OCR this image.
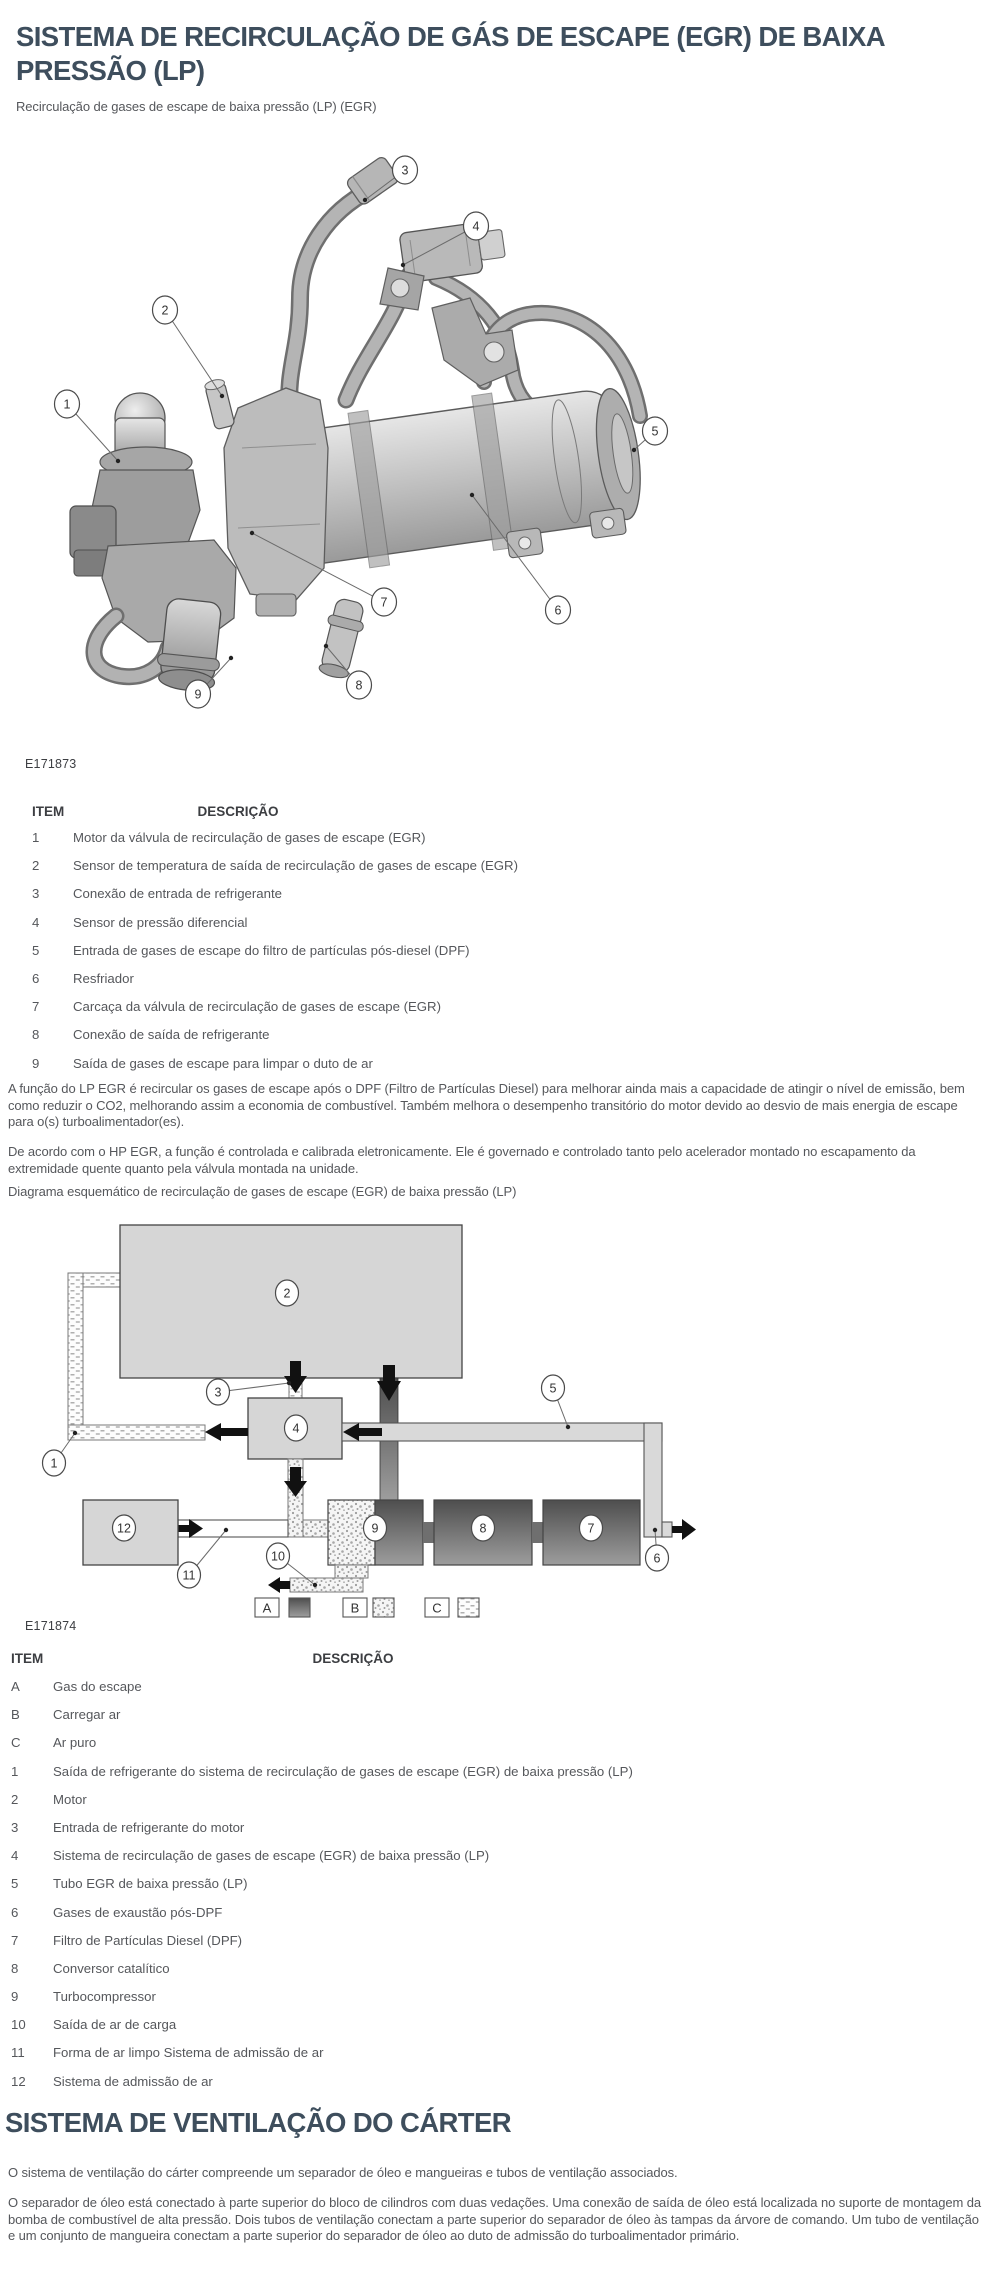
SISTEMA DE RECIRCULAÇÃO DE GÁS DE ESCAPE (EGR) DE BAIXA PRESSÃO (LP)
Recirculação de gases de escape de baixa pressão (LP) (EGR)
1
2
3
4
5
6
7
8
9
E171873
ITEM	DESCRIÇÃO
1	Motor da válvula de recirculação de gases de escape (EGR)
2	Sensor de temperatura de saída de recirculação de gases de escape (EGR)
3	Conexão de entrada de refrigerante
4	Sensor de pressão diferencial
5	Entrada de gases de escape do filtro de partículas pós-diesel (DPF)
6	Resfriador
7	Carcaça da válvula de recirculação de gases de escape (EGR)
8	Conexão de saída de refrigerante
9	Saída de gases de escape para limpar o duto de ar
A função do LP EGR é recircular os gases de escape após o DPF (Filtro de Partículas Diesel) para melhorar ainda mais a capacidade de atingir o nível de emissão, bem como reduzir o CO2, melhorando assim a economia de combustível. Também melhora o desempenho transitório do motor devido ao desvio de mais energia de escape para o(s) turboalimentador(es).
De acordo com o HP EGR, a função é controlada e calibrada eletronicamente. Ele é governado e controlado tanto pelo acelerador montado no escapamento da extremidade quente quanto pela válvula montada na unidade.
Diagrama esquemático de recirculação de gases de escape (EGR) de baixa pressão (LP)
1
2
3
4
5
6
7
8
9
10
11
12
A	B	C
E171874
ITEM	DESCRIÇÃO
A	Gas do escape
B	Carregar ar
C Ar puro
1	Saída de refrigerante do sistema de recirculação de gases de escape (EGR) de baixa pressão (LP)
2	Motor
3	Entrada de refrigerante do motor
4	Sistema de recirculação de gases de escape (EGR) de baixa pressão (LP)
5	Tubo EGR de baixa pressão (LP)
6	Gases de exaustão pós-DPF
7	Filtro de Partículas Diesel (DPF)
8	Conversor catalítico
9	Turbocompressor
10 Saída de ar de carga
11 Forma de ar limpo Sistema de admissão de ar
12 Sistema de admissão de ar
SISTEMA DE VENTILAÇÃO DO CÁRTER
O sistema de ventilação do cárter compreende um separador de óleo e mangueiras e tubos de ventilação associados.
O separador de óleo está conectado à parte superior do bloco de cilindros com duas vedações. Uma conexão de saída de óleo está localizada no suporte de montagem da bomba de combustível de alta pressão. Dois tubos de ventilação conectam a parte superior do separador de óleo às tampas da árvore de comando. Um tubo de ventilação e um conjunto de mangueira conectam a parte superior do separador de óleo ao duto de admissão do turboalimentador primário.
